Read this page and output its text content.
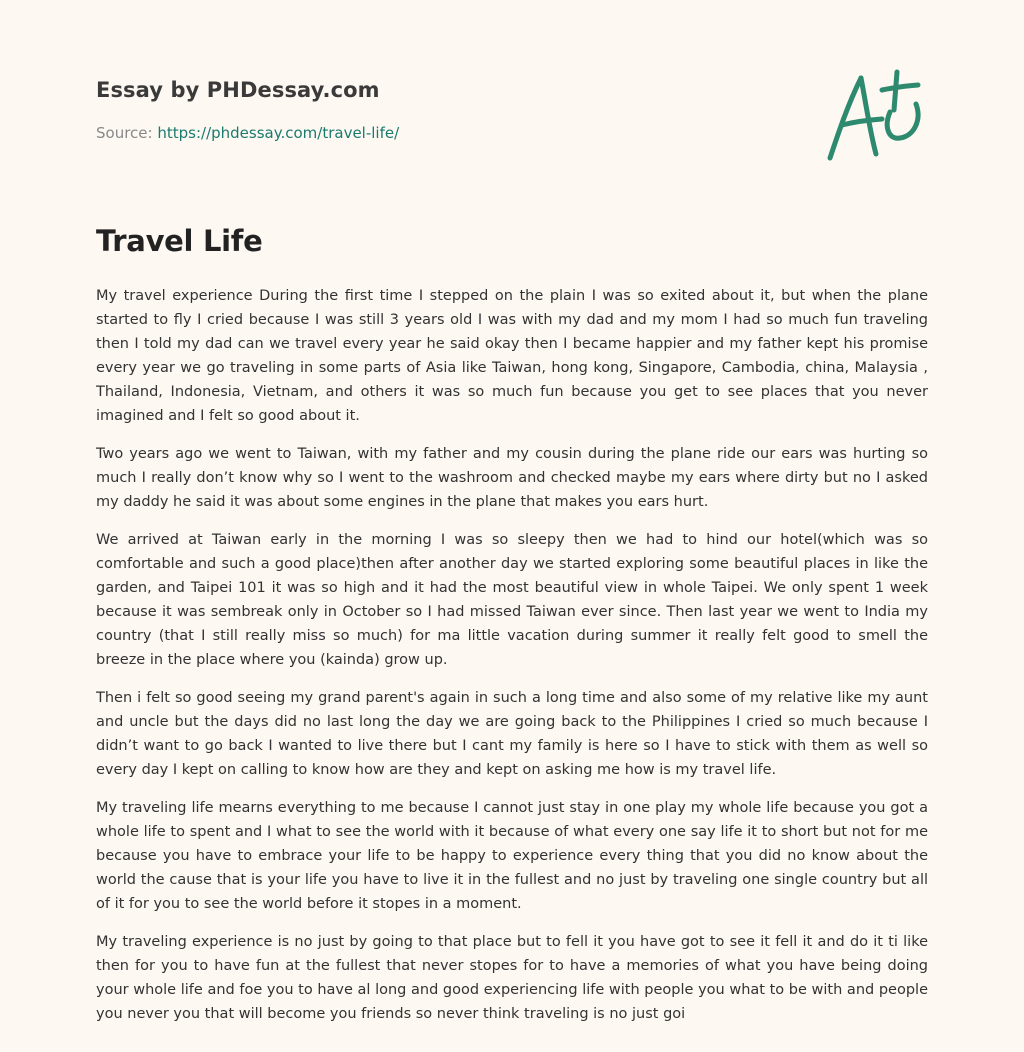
Essay by PHDessay.com
Source: https://phdessay.com/travel-life/
Travel Life

My travel experience During the first time I stepped on the plain I was so exited about it, but when the plane started to fly I cried because I was still 3 years old I was with my dad and my mom I had so much fun traveling then I told my dad can we travel every year he said okay then I became happier and my father kept his promise every year we go traveling in some parts of Asia like Taiwan, hong kong, Singapore, Cambodia, china, Malaysia , Thailand, Indonesia, Vietnam, and others it was so much fun because you get to see places that you never imagined and I felt so good about it.

Two years ago we went to Taiwan, with my father and my cousin during the plane ride our ears was hurting so much I really don’t know why so I went to the washroom and checked maybe my ears where dirty but no I asked my daddy he said it was about some engines in the plane that makes you ears hurt.

We arrived at Taiwan early in the morning I was so sleepy then we had to hind our hotel(which was so comfortable and such a good place)then after another day we started exploring some beautiful places in like the garden, and Taipei 101 it was so high and it had the most beautiful view in whole Taipei. We only spent 1 week because it was sembreak only in October so I had missed Taiwan ever since. Then last year we went to India my country (that I still really miss so much) for ma little vacation during summer it really felt good to smell the breeze in the place where you (kainda) grow up.

Then i felt so good seeing my grand parent's again in such a long time and also some of my relative like my aunt and uncle but the days did no last long the day we are going back to the Philippines I cried so much because I didn’t want to go back I wanted to live there but I cant my family is here so I have to stick with them as well so every day I kept on calling to know how are they and kept on asking me how is my travel life.

My traveling life mearns everything to me because I cannot just stay in one play my whole life because you got a whole life to spent and I what to see the world with it because of what every one say life it to short but not for me because you have to embrace your life to be happy to experience every thing that you did no know about the world the cause that is your life you have to live it in the fullest and no just by traveling one single country but all of it for you to see the world before it stopes in a moment.

My traveling experience is no just by going to that place but to fell it you have got to see it fell it and do it ti like then for you to have fun at the fullest that never stopes for to have a memories of what you have being doing your whole life and foe you to have al long and good experiencing life with people you what to be with and people you never you that will become you friends so never think traveling is no just goi
